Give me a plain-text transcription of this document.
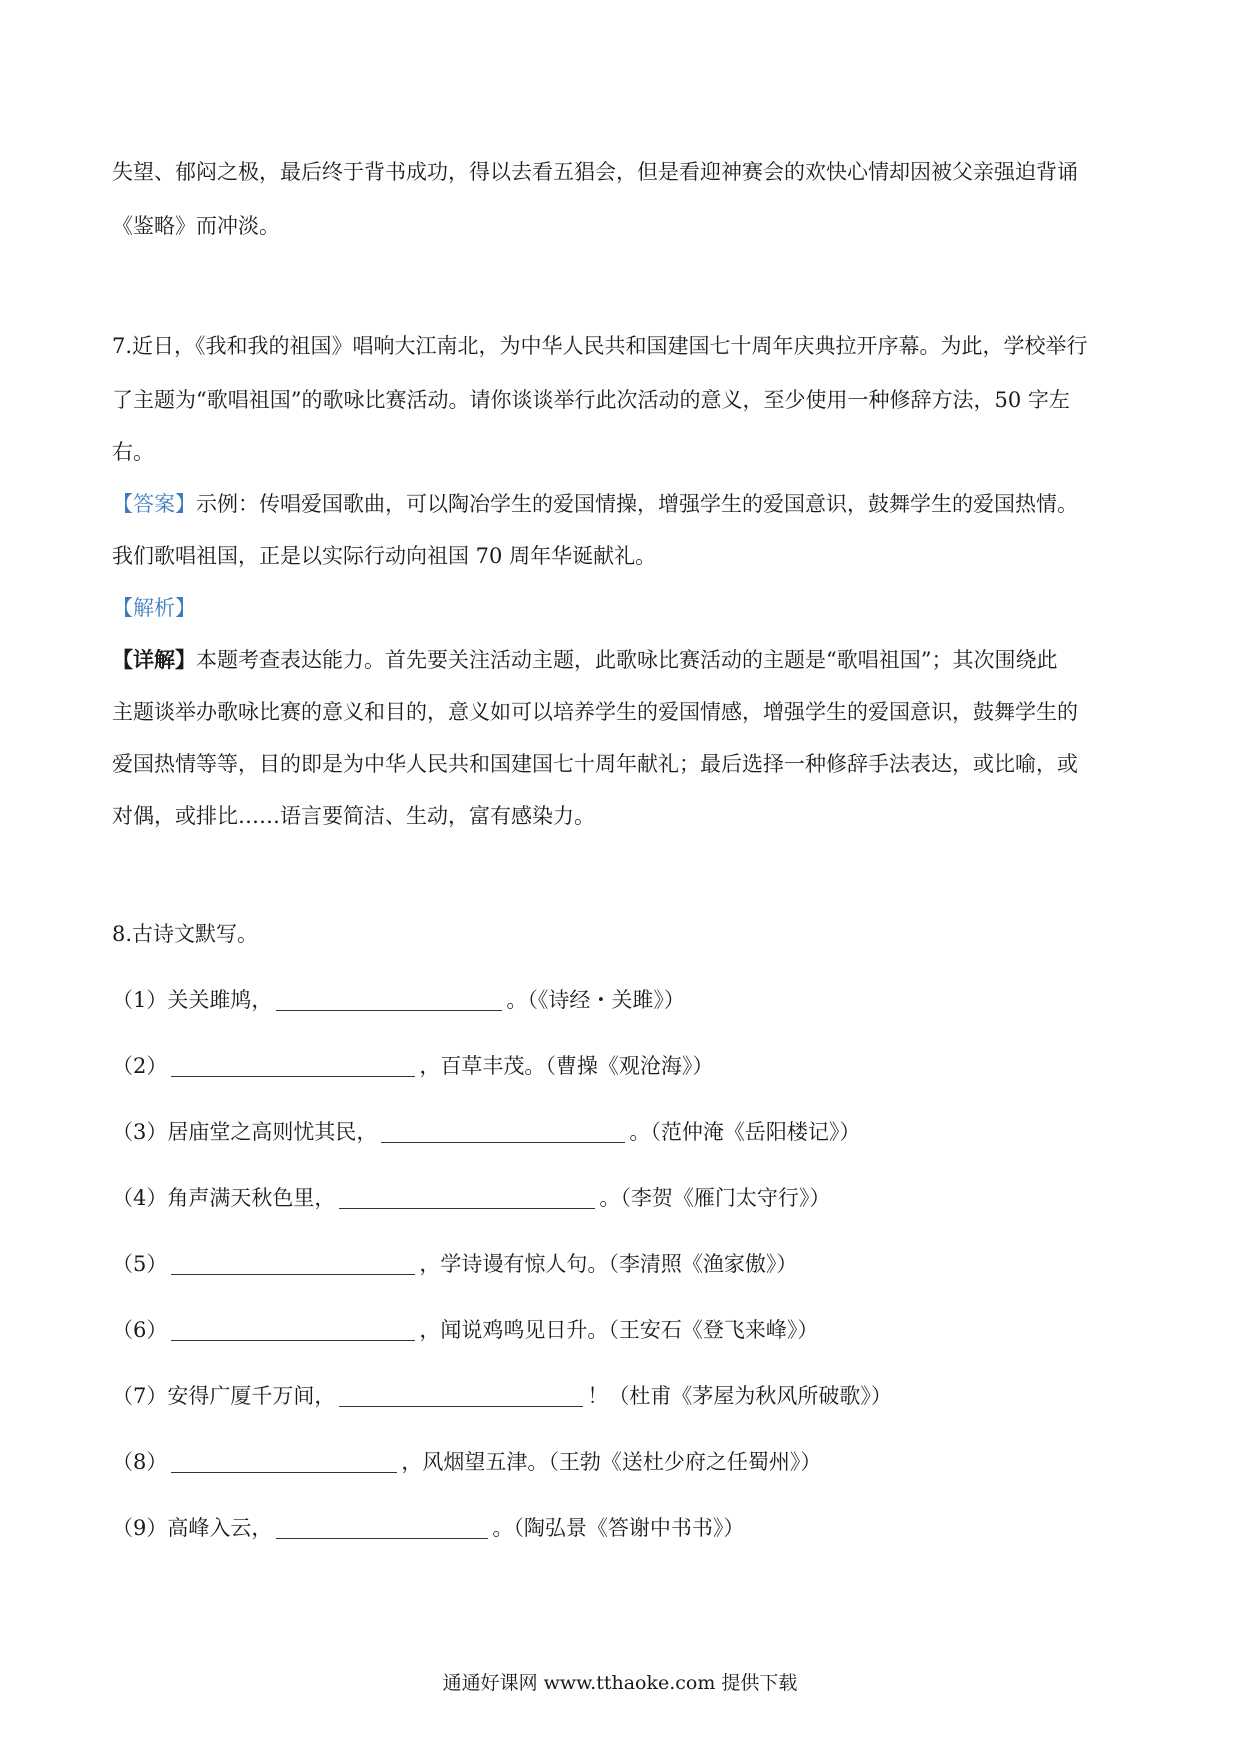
失望、郁闷之极，最后终于背书成功，得以去看五猖会，但是看迎神赛会的欢快心情却因被父亲强迫背诵
《鉴略》而冲淡。
7.近日，《我和我的祖国》唱响大江南北，为中华人民共和国建国七十周年庆典拉开序幕。为此，学校举行
了主题为“歌唱祖国”的歌咏比赛活动。请你谈谈举行此次活动的意义，至少使用一种修辞方法，50 字左
右。
【答案】示例：传唱爱国歌曲，可以陶冶学生的爱国情操，增强学生的爱国意识，鼓舞学生的爱国热情。
我们歌唱祖国，正是以实际行动向祖国 70 周年华诞献礼。
【解析】
【详解】本题考查表达能力。首先要关注活动主题，此歌咏比赛活动的主题是“歌唱祖国”；其次围绕此
主题谈举办歌咏比赛的意义和目的，意义如可以培养学生的爱国情感，增强学生的爱国意识，鼓舞学生的
爱国热情等等，目的即是为中华人民共和国建国七十周年献礼；最后选择一种修辞手法表达，或比喻，或
对偶，或排比……语言要简洁、生动，富有感染力。
8.古诗文默写。
（1）关关雎鸠，	。（《诗经・关雎》）
（2）	，百草丰茂。（曹操《观沧海》）
（3）居庙堂之高则忧其民，	。（范仲淹《岳阳楼记》）
（4）角声满天秋色里，	。（李贺《雁门太守行》）
（5）	，学诗谩有惊人句。（李清照《渔家傲》）
（6）	，闻说鸡鸣见日升。（王安石《登飞来峰》）
（7）安得广厦千万间，	！（杜甫《茅屋为秋风所破歌》）
（8）	，风烟望五津。（王勃《送杜少府之任蜀州》）
（9）高峰入云，	。（陶弘景《答谢中书书》）
通通好课网 www.tthaoke.com 提供下载
